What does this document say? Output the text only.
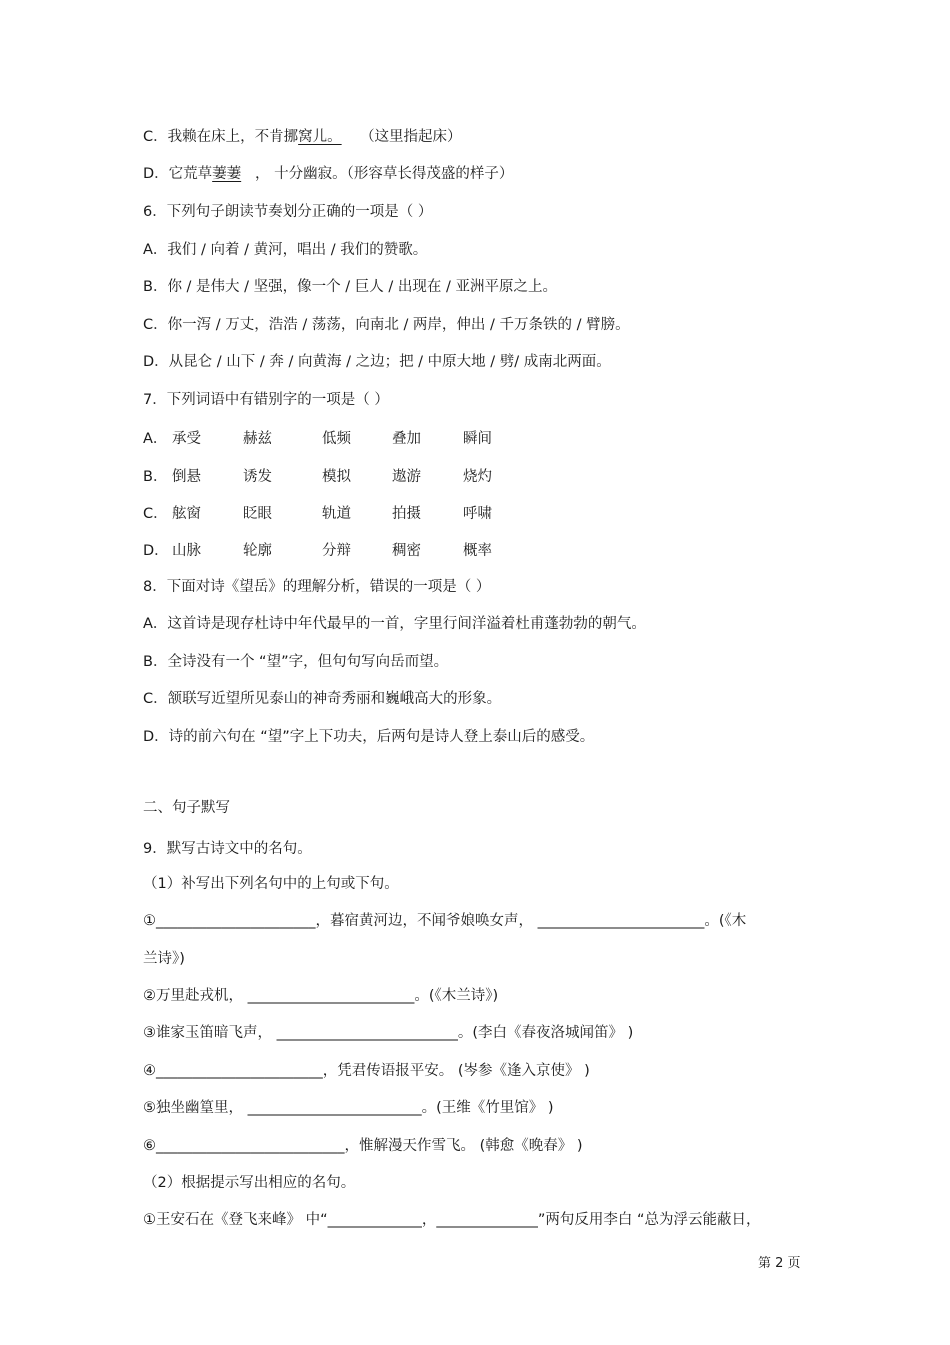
C．我赖在床上，不肯挪窝儿。 （这里指起床）
D．它荒草萋萋 ， 十分幽寂。（形容草长得茂盛的样子）
6．下列句子朗读节奏划分正确的一项是（ ）
A．我们 / 向着 / 黄河，唱出 / 我们的赞歌。
B．你 / 是伟大 / 坚强，像一个 / 巨人 / 出现在 / 亚洲平原之上。
C．你一泻 / 万丈，浩浩 / 荡荡，向南北 / 两岸，伸出 / 千万条铁的 / 臂膀。
D．从昆仑 / 山下 / 奔 / 向黄海 / 之边；把 / 中原大地 / 劈/ 成南北两面。
7．下列词语中有错别字的一项是（ ）
A． 承受	赫兹	低频	叠加	瞬间
B． 倒悬	诱发	模拟	遨游	烧灼
C． 舷窗	眨眼	轨道	拍摄	呼啸
D． 山脉	轮廓	分辩	稠密	概率
8．下面对诗《望岳》的理解分析，错误的一项是（ ）
A．这首诗是现存杜诗中年代最早的一首，字里行间洋溢着杜甫蓬勃勃的朝气。
B．全诗没有一个 “望”字，但句句写向岳而望。
C．颔联写近望所见泰山的神奇秀丽和巍峨高大的形象。
D．诗的前六句在 “望”字上下功夫，后两句是诗人登上泰山后的感受。
二、句子默写
9．默写古诗文中的名句。
（1）补写出下列名句中的上句或下句。
①______________________，暮宿黄河边，不闻爷娘唤女声， _______________________。(《木
兰诗》)
②万里赴戎机， _______________________。(《木兰诗》)
③谁家玉笛暗飞声， _________________________。(李白《春夜洛城闻笛》 )
④_______________________，凭君传语报平安。 (岑参《逢入京使》 )
⑤独坐幽篁里， ________________________。(王维《竹里馆》 )
⑥__________________________，惟解漫天作雪飞。 (韩愈《晚春》 )
（2）根据提示写出相应的名句。
①王安石在《登飞来峰》 中“_____________，______________”两句反用李白 “总为浮云能蔽日，
第 2 页
